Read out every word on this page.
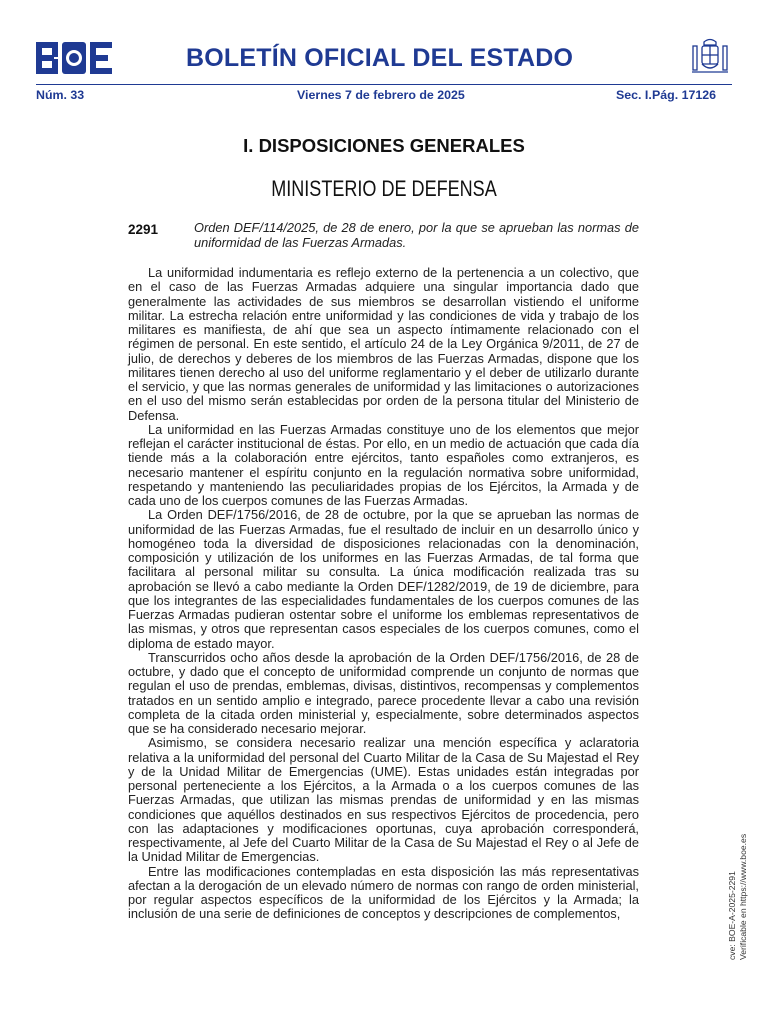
BOLETÍN OFICIAL DEL ESTADO
Núm. 33	Viernes 7 de febrero de 2025	Sec. I. Pág. 17126
I. DISPOSICIONES GENERALES
MINISTERIO DE DEFENSA
2291	Orden DEF/114/2025, de 28 de enero, por la que se aprueban las normas de uniformidad de las Fuerzas Armadas.

La uniformidad indumentaria es reflejo externo de la pertenencia a un colectivo, que en el caso de las Fuerzas Armadas adquiere una singular importancia dado que generalmente las actividades de sus miembros se desarrollan vistiendo el uniforme militar. La estrecha relación entre uniformidad y las condiciones de vida y trabajo de los militares es manifiesta, de ahí que sea un aspecto íntimamente relacionado con el régimen de personal. En este sentido, el artículo 24 de la Ley Orgánica 9/2011, de 27 de julio, de derechos y deberes de los miembros de las Fuerzas Armadas, dispone que los militares tienen derecho al uso del uniforme reglamentario y el deber de utilizarlo durante el servicio, y que las normas generales de uniformidad y las limitaciones o autorizaciones en el uso del mismo serán establecidas por orden de la persona titular del Ministerio de Defensa.

La uniformidad en las Fuerzas Armadas constituye uno de los elementos que mejor reflejan el carácter institucional de éstas. Por ello, en un medio de actuación que cada día tiende más a la colaboración entre ejércitos, tanto españoles como extranjeros, es necesario mantener el espíritu conjunto en la regulación normativa sobre uniformidad, respetando y manteniendo las peculiaridades propias de los Ejércitos, la Armada y de cada uno de los cuerpos comunes de las Fuerzas Armadas.

La Orden DEF/1756/2016, de 28 de octubre, por la que se aprueban las normas de uniformidad de las Fuerzas Armadas, fue el resultado de incluir en un desarrollo único y homogéneo toda la diversidad de disposiciones relacionadas con la denominación, composición y utilización de los uniformes en las Fuerzas Armadas, de tal forma que facilitara al personal militar su consulta. La única modificación realizada tras su aprobación se llevó a cabo mediante la Orden DEF/1282/2019, de 19 de diciembre, para que los integrantes de las especialidades fundamentales de los cuerpos comunes de las Fuerzas Armadas pudieran ostentar sobre el uniforme los emblemas representativos de las mismas, y otros que representan casos especiales de los cuerpos comunes, como el diploma de estado mayor.

Transcurridos ocho años desde la aprobación de la Orden DEF/1756/2016, de 28 de octubre, y dado que el concepto de uniformidad comprende un conjunto de normas que regulan el uso de prendas, emblemas, divisas, distintivos, recompensas y complementos tratados en un sentido amplio e integrado, parece procedente llevar a cabo una revisión completa de la citada orden ministerial y, especialmente, sobre determinados aspectos que se ha considerado necesario mejorar.

Asimismo, se considera necesario realizar una mención específica y aclaratoria relativa a la uniformidad del personal del Cuarto Militar de la Casa de Su Majestad el Rey y de la Unidad Militar de Emergencias (UME). Estas unidades están integradas por personal perteneciente a los Ejércitos, a la Armada o a los cuerpos comunes de las Fuerzas Armadas, que utilizan las mismas prendas de uniformidad y en las mismas condiciones que aquéllos destinados en sus respectivos Ejércitos de procedencia, pero con las adaptaciones y modificaciones oportunas, cuya aprobación corresponderá, respectivamente, al Jefe del Cuarto Militar de la Casa de Su Majestad el Rey o al Jefe de la Unidad Militar de Emergencias.

Entre las modificaciones contempladas en esta disposición las más representativas afectan a la derogación de un elevado número de normas con rango de orden ministerial, por regular aspectos específicos de la uniformidad de los Ejércitos y la Armada; la inclusión de una serie de definiciones de conceptos y descripciones de complementos,	cve: BOE-A-2025-2291 Verificable en https://www.boe.es
